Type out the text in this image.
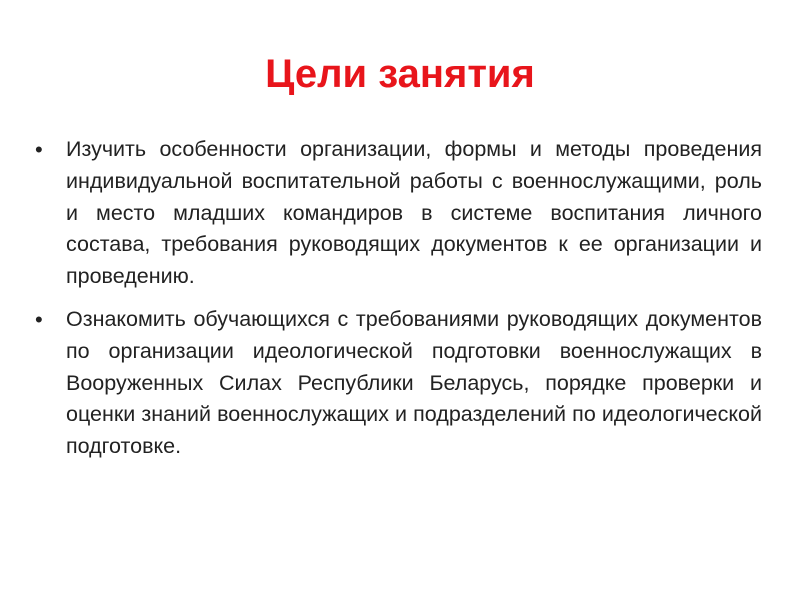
Цели занятия
• Изучить особенности организации, формы и методы проведения индивидуальной воспитательной работы с военнослужащими, роль и место младших командиров в системе воспитания личного состава, требования руководящих документов к ее организации и проведению.
• Ознакомить обучающихся с требованиями руководящих документов по организации идеологической подготовки военнослужащих в Вооруженных Силах Республики Беларусь, порядке проверки и оценки знаний военнослужащих и подразделений по идеологической подготовке.
